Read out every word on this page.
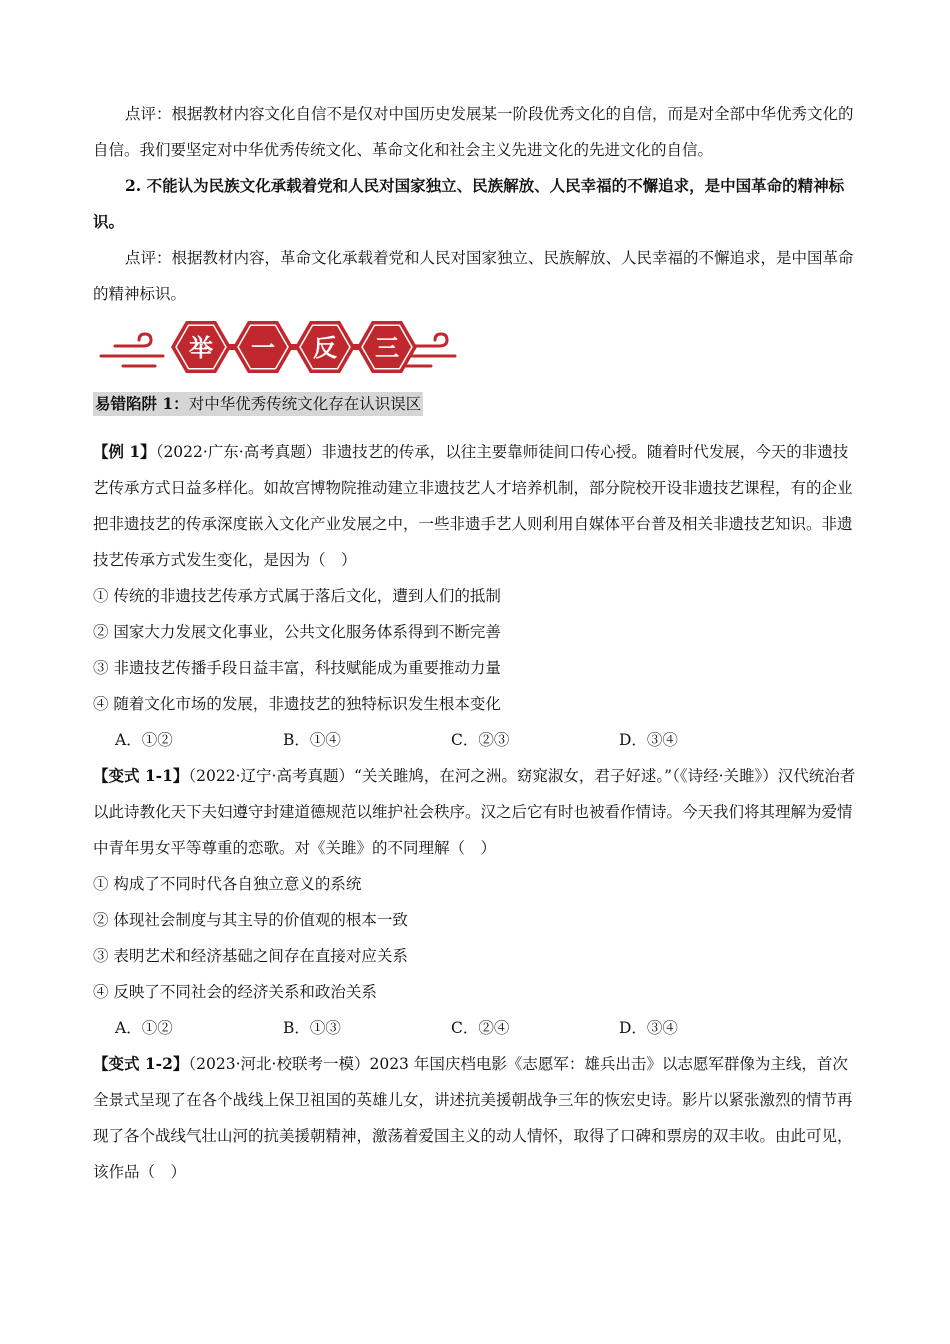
点评：根据教材内容文化自信不是仅对中国历史发展某一阶段优秀文化的自信，而是对全部中华优秀文化的自信。我们要坚定对中华优秀传统文化、革命文化和社会主义先进文化的先进文化的自信。

2. 不能认为民族文化承载着党和人民对国家独立、民族解放、人民幸福的不懈追求，是中国革命的精神标识。

点评：根据教材内容，革命文化承载着党和人民对国家独立、民族解放、人民幸福的不懈追求，是中国革命的精神标识。

举 一 反 三
易错陷阱 1：对中华优秀传统文化存在认识误区

【例 1】（2022·广东·高考真题）非遗技艺的传承，以往主要靠师徒间口传心授。随着时代发展，今天的非遗技艺传承方式日益多样化。如故宫博物院推动建立非遗技艺人才培养机制，部分院校开设非遗技艺课程，有的企业把非遗技艺的传承深度嵌入文化产业发展之中，一些非遗手艺人则利用自媒体平台普及相关非遗技艺知识。非遗技艺传承方式发生变化，是因为（　）

① 传统的非遗技艺传承方式属于落后文化，遭到人们的抵制

② 国家大力发展文化事业，公共文化服务体系得到不断完善

③ 非遗技艺传播手段日益丰富，科技赋能成为重要推动力量

④ 随着文化市场的发展，非遗技艺的独特标识发生根本变化

A．①②	B．①④	C．②③	D．③④

【变式 1-1】（2022·辽宁·高考真题）“关关雎鸠，在河之洲。窈窕淑女，君子好逑。”（《诗经·关雎》）汉代统治者以此诗教化天下夫妇遵守封建道德规范以维护社会秩序。汉之后它有时也被看作情诗。今天我们将其理解为爱情中青年男女平等尊重的恋歌。对《关雎》的不同理解（　）

① 构成了不同时代各自独立意义的系统

② 体现社会制度与其主导的价值观的根本一致

③ 表明艺术和经济基础之间存在直接对应关系

④ 反映了不同社会的经济关系和政治关系

A．①②	B．①③	C．②④	D．③④

【变式 1-2】（2023·河北·校联考一模）2023 年国庆档电影《志愿军：雄兵出击》以志愿军群像为主线，首次全景式呈现了在各个战线上保卫祖国的英雄儿女，讲述抗美援朝战争三年的恢宏史诗。影片以紧张激烈的情节再现了各个战线气壮山河的抗美援朝精神，激荡着爱国主义的动人情怀，取得了口碑和票房的双丰收。由此可见，该作品（　）
